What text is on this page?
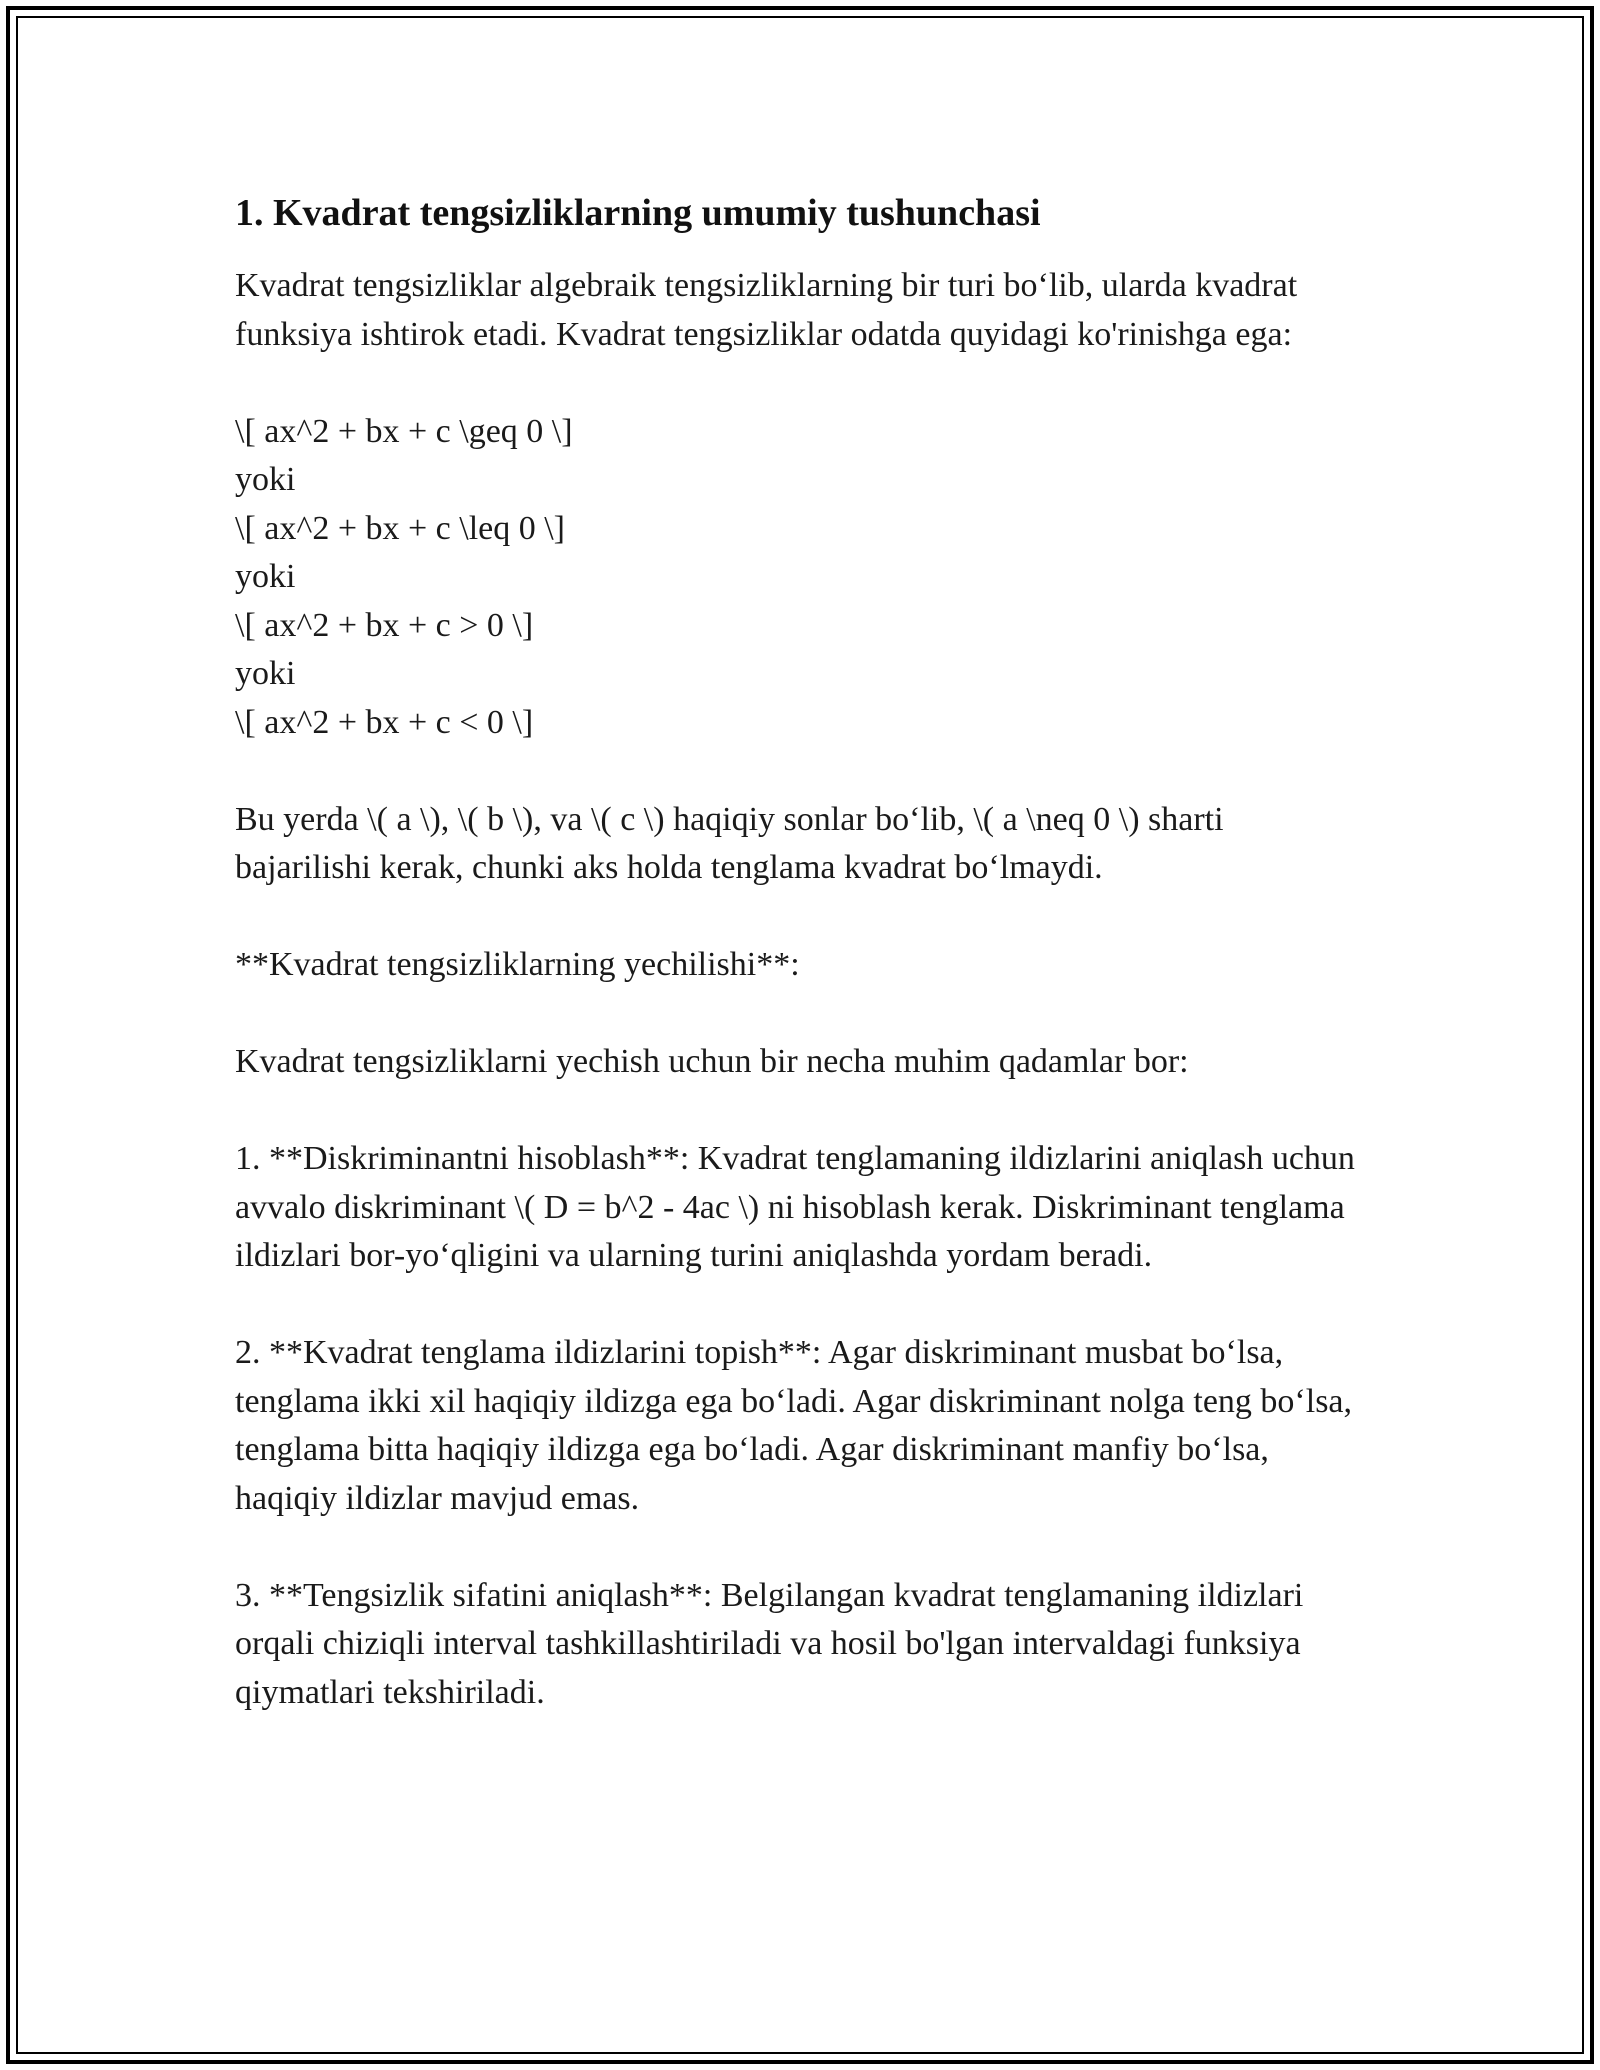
1. Kvadrat tengsizliklarning umumiy tushunchasi

Kvadrat tengsizliklar algebraik tengsizliklarning bir turi bo‘lib, ularda kvadrat funksiya ishtirok etadi. Kvadrat tengsizliklar odatda quyidagi ko'rinishga ega:

\[ ax^2 + bx + c \geq 0 \]

yoki

\[ ax^2 + bx + c \leq 0 \]

yoki

\[ ax^2 + bx + c > 0 \]

yoki

\[ ax^2 + bx + c < 0 \]

Bu yerda \( a \), \( b \), va \( c \) haqiqiy sonlar bo‘lib, \( a \neq 0 \) sharti bajarilishi kerak, chunki aks holda tenglama kvadrat bo‘lmaydi.

**Kvadrat tengsizliklarning yechilishi**:

Kvadrat tengsizliklarni yechish uchun bir necha muhim qadamlar bor:

1. **Diskriminantni hisoblash**: Kvadrat tenglamaning ildizlarini aniqlash uchun avvalo diskriminant \( D = b^2 - 4ac \) ni hisoblash kerak. Diskriminant tenglama ildizlari bor-yo‘qligini va ularning turini aniqlashda yordam beradi.

2. **Kvadrat tenglama ildizlarini topish**: Agar diskriminant musbat bo‘lsa, tenglama ikki xil haqiqiy ildizga ega bo‘ladi. Agar diskriminant nolga teng bo‘lsa, tenglama bitta haqiqiy ildizga ega bo‘ladi. Agar diskriminant manfiy bo‘lsa, haqiqiy ildizlar mavjud emas.

3. **Tengsizlik sifatini aniqlash**: Belgilangan kvadrat tenglamaning ildizlari orqali chiziqli interval tashkillashtiriladi va hosil bo'lgan intervaldagi funksiya qiymatlari tekshiriladi.
